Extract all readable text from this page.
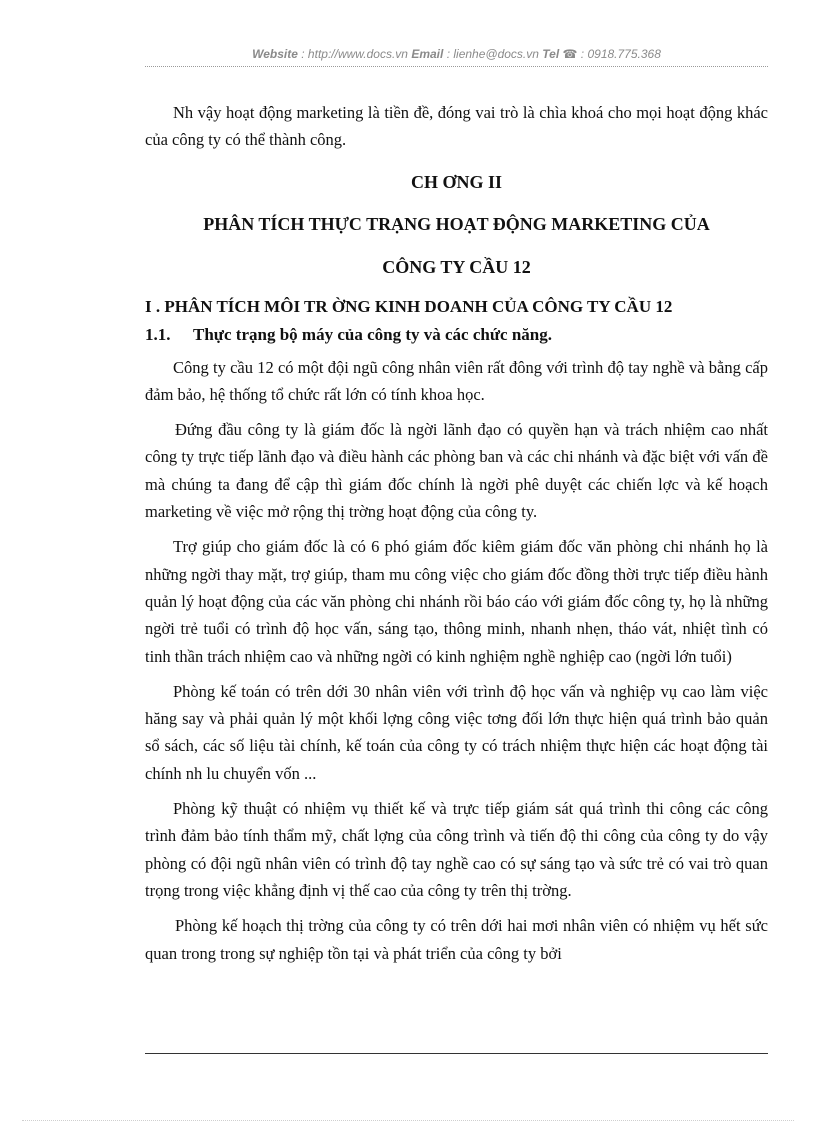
Website : http://www.docs.vn Email : lienhe@docs.vn Tel ☎ : 0918.775.368

Nh vậy hoạt động marketing là tiền đề, đóng vai trò là chìa khoá cho mọi hoạt động khác của công ty có thể thành công.

CH ƠNG II

PHÂN TÍCH THỰC TRẠNG HOẠT ĐỘNG MARKETING CỦA

CÔNG TY CẦU 12

I . PHÂN TÍCH MÔI TR ỜNG KINH DOANH CỦA CÔNG TY CẦU 12

1.1.	Thực trạng bộ máy của công ty và các chức năng.

Công ty cầu 12 có một đội ngũ công nhân viên rất đông với trình độ tay nghề và bằng cấp đảm bảo, hệ thống tổ chức rất lớn có tính khoa học.

Đứng đầu công ty là giám đốc là ngời lãnh đạo có quyền hạn và trách nhiệm cao nhất công ty trực tiếp lãnh đạo và điều hành các phòng ban và các chi nhánh và đặc biệt với vấn đề mà chúng ta đang để cập thì giám đốc chính là ngời phê duyệt các chiến lợc và kế hoạch marketing về việc mở rộng thị trờng hoạt động của công ty.

Trợ giúp cho giám đốc là có 6 phó giám đốc kiêm giám đốc văn phòng chi nhánh họ là những ngời thay mặt, trợ giúp, tham mu công việc cho giám đốc đồng thời trực tiếp điều hành quản lý hoạt động của các văn phòng chi nhánh rồi báo cáo với giám đốc công ty, họ là những ngời trẻ tuổi có trình độ học vấn, sáng tạo, thông minh, nhanh nhẹn, tháo vát, nhiệt tình có tinh thần trách nhiệm cao và những ngời có kinh nghiệm nghề nghiệp cao (ngời lớn tuổi)

Phòng kế toán có trên dới 30 nhân viên với trình độ học vấn và nghiệp vụ cao làm việc hăng say và phải quản lý một khối lợng công việc tơng đối lớn thực hiện quá trình bảo quản sổ sách, các số liệu tài chính, kế toán của công ty có trách nhiệm thực hiện các hoạt động tài chính nh lu chuyển vốn ...

Phòng kỹ thuật có nhiệm vụ thiết kế và trực tiếp giám sát quá trình thi công các công trình đảm bảo tính thẩm mỹ, chất lợng của công trình và tiến độ thi công của công ty do vậy phòng có đội ngũ nhân viên có trình độ tay nghề cao có sự sáng tạo và sức trẻ có vai trò quan trọng trong việc khẳng định vị thế cao của công ty trên thị trờng.

Phòng kế hoạch thị trờng của công ty có trên dới hai mơi nhân viên có nhiệm vụ hết sức quan trong trong sự nghiệp tồn tại và phát triển của công ty bởi
